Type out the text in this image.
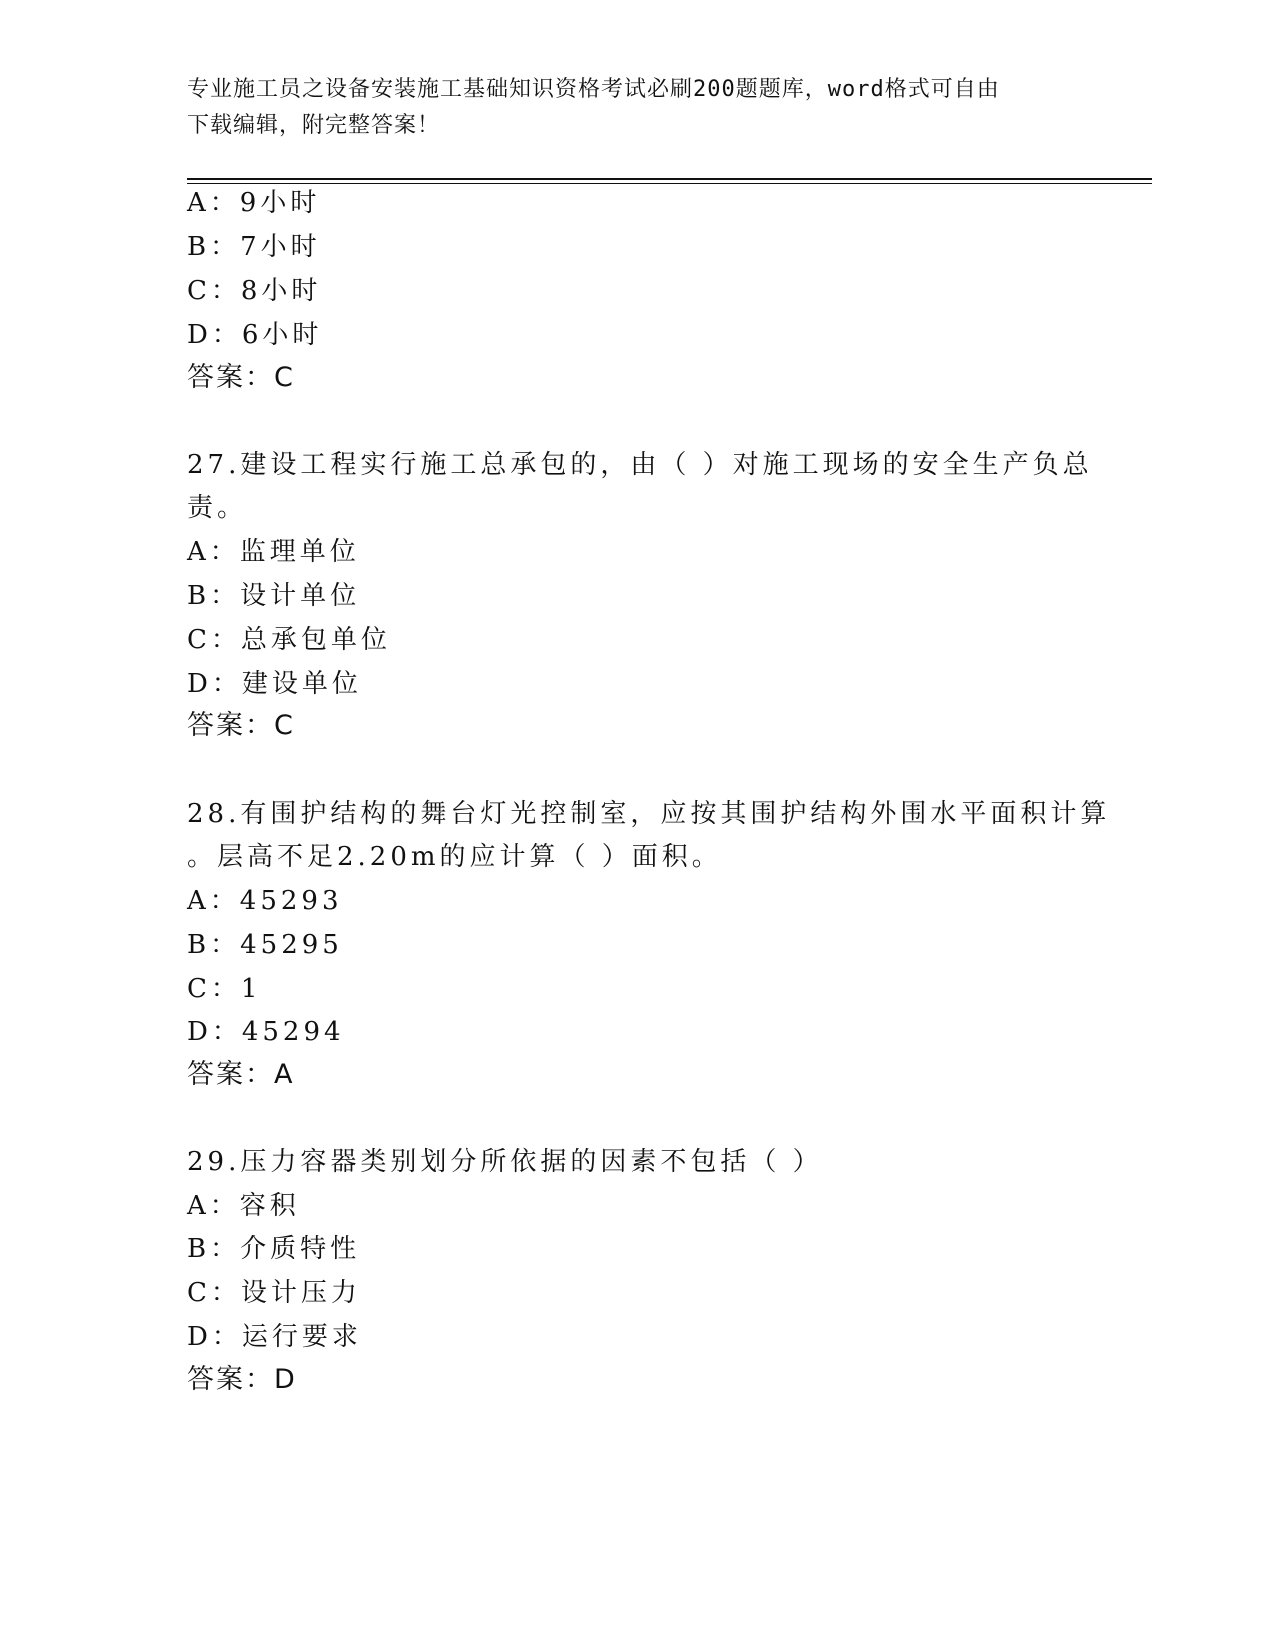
专业施工员之设备安装施工基础知识资格考试必刷200题题库，word格式可自由
下载编辑，附完整答案！
A：9小时
B：7小时
C：8小时
D：6小时
答案：C
27.建设工程实行施工总承包的，由（ ）对施工现场的安全生产负总
责。
A：监理单位
B：设计单位
C：总承包单位
D：建设单位
答案：C
28.有围护结构的舞台灯光控制室，应按其围护结构外围水平面积计算
。层高不足2.20m的应计算（ ）面积。
A：45293
B：45295
C：1
D：45294
答案：A
29.压力容器类别划分所依据的因素不包括（ ）
A：容积
B：介质特性
C：设计压力
D：运行要求
答案：D
